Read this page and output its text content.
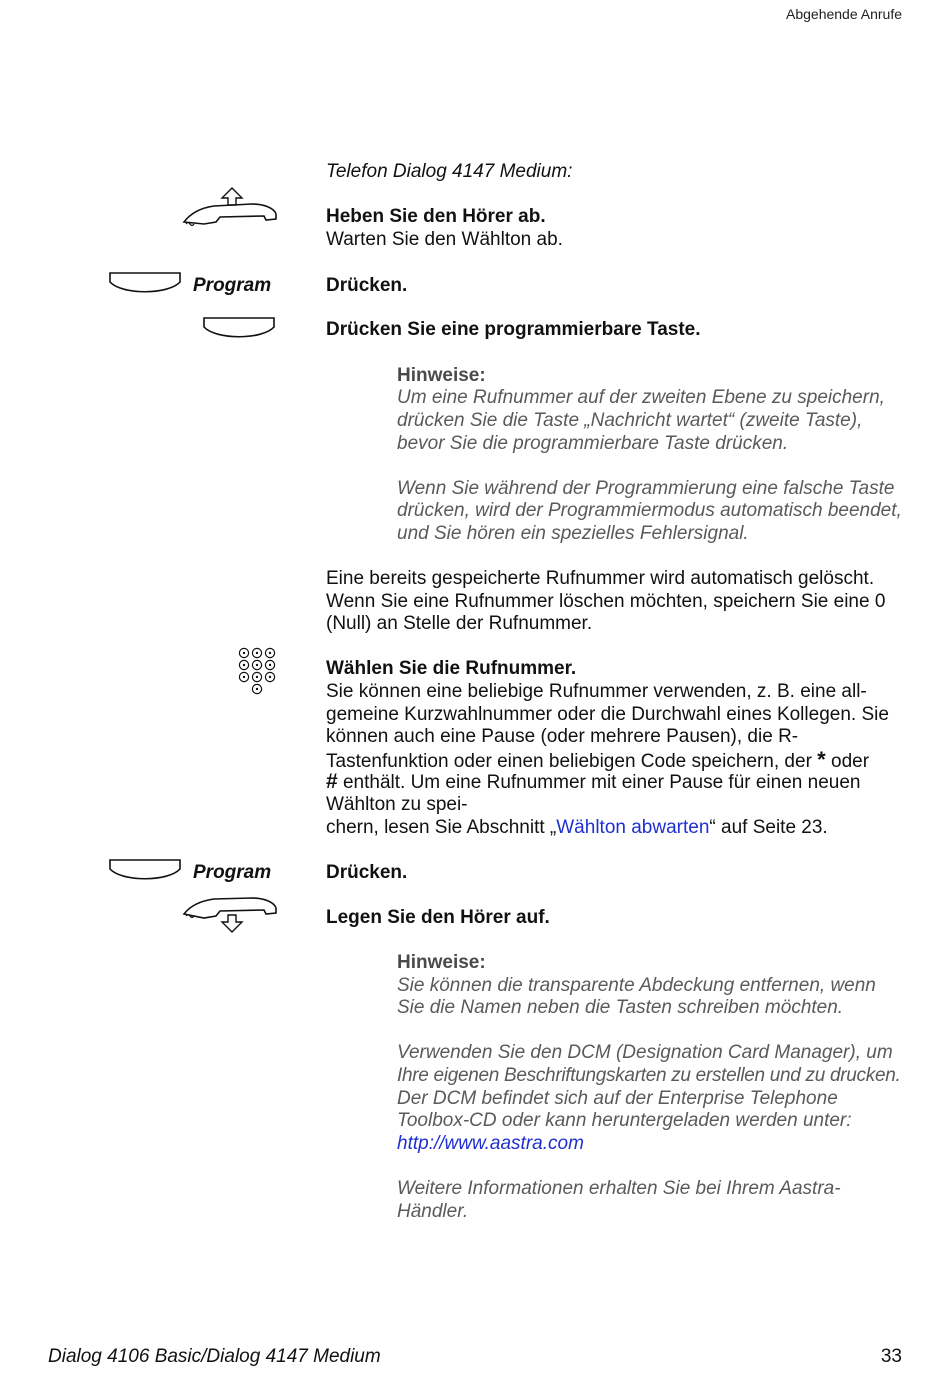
Abgehende Anrufe
Telefon Dialog 4147 Medium:
Heben Sie den Hörer ab.
Warten Sie den Wählton ab.
Program	Drücken.
Drücken Sie eine programmierbare Taste.
Hinweise:
Um eine Rufnummer auf der zweiten Ebene zu speichern,
drücken Sie die Taste „Nachricht wartet“ (zweite Taste),
bevor Sie die programmierbare Taste drücken.
Wenn Sie während der Programmierung eine falsche Taste
drücken, wird der Programmiermodus automatisch beendet,
und Sie hören ein spezielles Fehlersignal.
Eine bereits gespeicherte Rufnummer wird automatisch gelöscht.
Wenn Sie eine Rufnummer löschen möchten, speichern Sie eine 0
(Null) an Stelle der Rufnummer.
Wählen Sie die Rufnummer.
Sie können eine beliebige Rufnummer verwenden, z. B. eine all-
gemeine Kurzwahlnummer oder die Durchwahl eines Kollegen. Sie
können auch eine Pause (oder mehrere Pausen), die R-
Tastenfunktion oder einen beliebigen Code speichern, der * oder
# enthält. Um eine Rufnummer mit einer Pause für einen neuen
Wählton zu spei-
chern, lesen Sie Abschnitt „Wählton abwarten“ auf Seite 23.
Program	Drücken.
Legen Sie den Hörer auf.
Hinweise:
Sie können die transparente Abdeckung entfernen, wenn
Sie die Namen neben die Tasten schreiben möchten.
Verwenden Sie den DCM (Designation Card Manager), um
Ihre eigenen Beschriftungskarten zu erstellen und zu drucken.
Der DCM befindet sich auf der Enterprise Telephone
Toolbox-CD oder kann heruntergeladen werden unter:
http://www.aastra.com
Weitere Informationen erhalten Sie bei Ihrem Aastra-
Händler.
Dialog 4106 Basic/Dialog 4147 Medium	33
